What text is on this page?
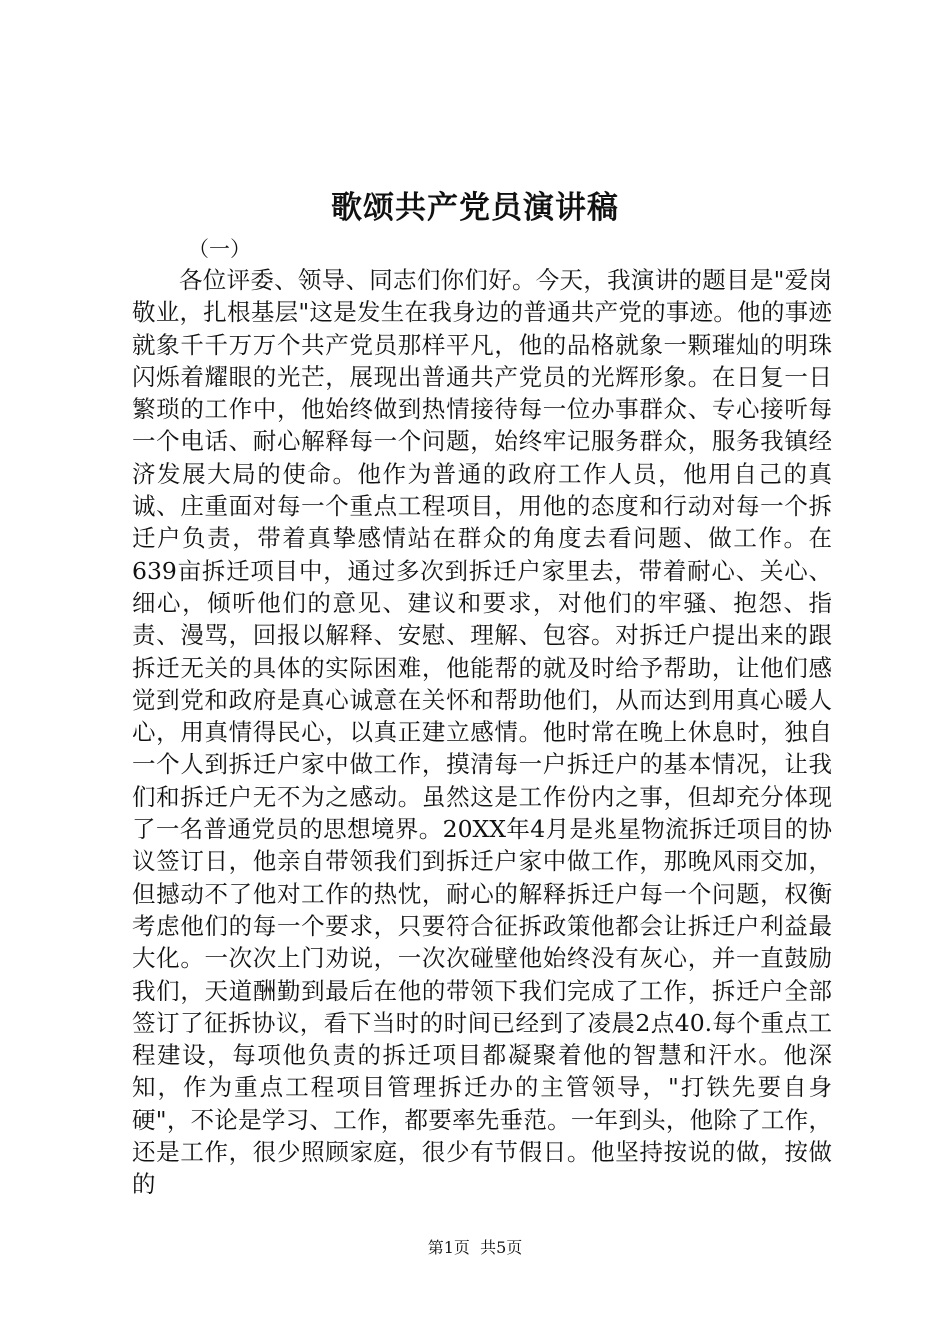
歌颂共产党员演讲稿
（一）

各位评委、领导、同志们你们好。今天，我演讲的题目是"爱岗敬业，扎根基层"这是发生在我身边的普通共产党的事迹。他的事迹就象千千万万个共产党员那样平凡，他的品格就象一颗璀灿的明珠闪烁着耀眼的光芒，展现出普通共产党员的光辉形象。在日复一日繁琐的工作中，他始终做到热情接待每一位办事群众、专心接听每一个电话、耐心解释每一个问题，始终牢记服务群众，服务我镇经济发展大局的使命。他作为普通的政府工作人员，他用自己的真诚、庄重面对每一个重点工程项目，用他的态度和行动对每一个拆迁户负责，带着真挚感情站在群众的角度去看问题、做工作。在639亩拆迁项目中，通过多次到拆迁户家里去，带着耐心、关心、细心，倾听他们的意见、建议和要求，对他们的牢骚、抱怨、指责、漫骂，回报以解释、安慰、理解、包容。对拆迁户提出来的跟拆迁无关的具体的实际困难，他能帮的就及时给予帮助，让他们感觉到党和政府是真心诚意在关怀和帮助他们，从而达到用真心暖人心，用真情得民心，以真正建立感情。他时常在晚上休息时，独自一个人到拆迁户家中做工作，摸清每一户拆迁户的基本情况，让我们和拆迁户无不为之感动。虽然这是工作份内之事，但却充分体现了一名普通党员的思想境界。20XX年4月是兆星物流拆迁项目的协议签订日，他亲自带领我们到拆迁户家中做工作，那晚风雨交加，但撼动不了他对工作的热忱，耐心的解释拆迁户每一个问题，权衡考虑他们的每一个要求，只要符合征拆政策他都会让拆迁户利益最大化。一次次上门劝说，一次次碰壁他始终没有灰心，并一直鼓励我们，天道酬勤到最后在他的带领下我们完成了工作，拆迁户全部签订了征拆协议，看下当时的时间已经到了凌晨2点40.每个重点工程建设，每项他负责的拆迁项目都凝聚着他的智慧和汗水。他深知，作为重点工程项目管理拆迁办的主管领导，"打铁先要自身硬"，不论是学习、工作，都要率先垂范。一年到头，他除了工作，还是工作，很少照顾家庭，很少有节假日。他坚持按说的做，按做的

第1页 共5页
